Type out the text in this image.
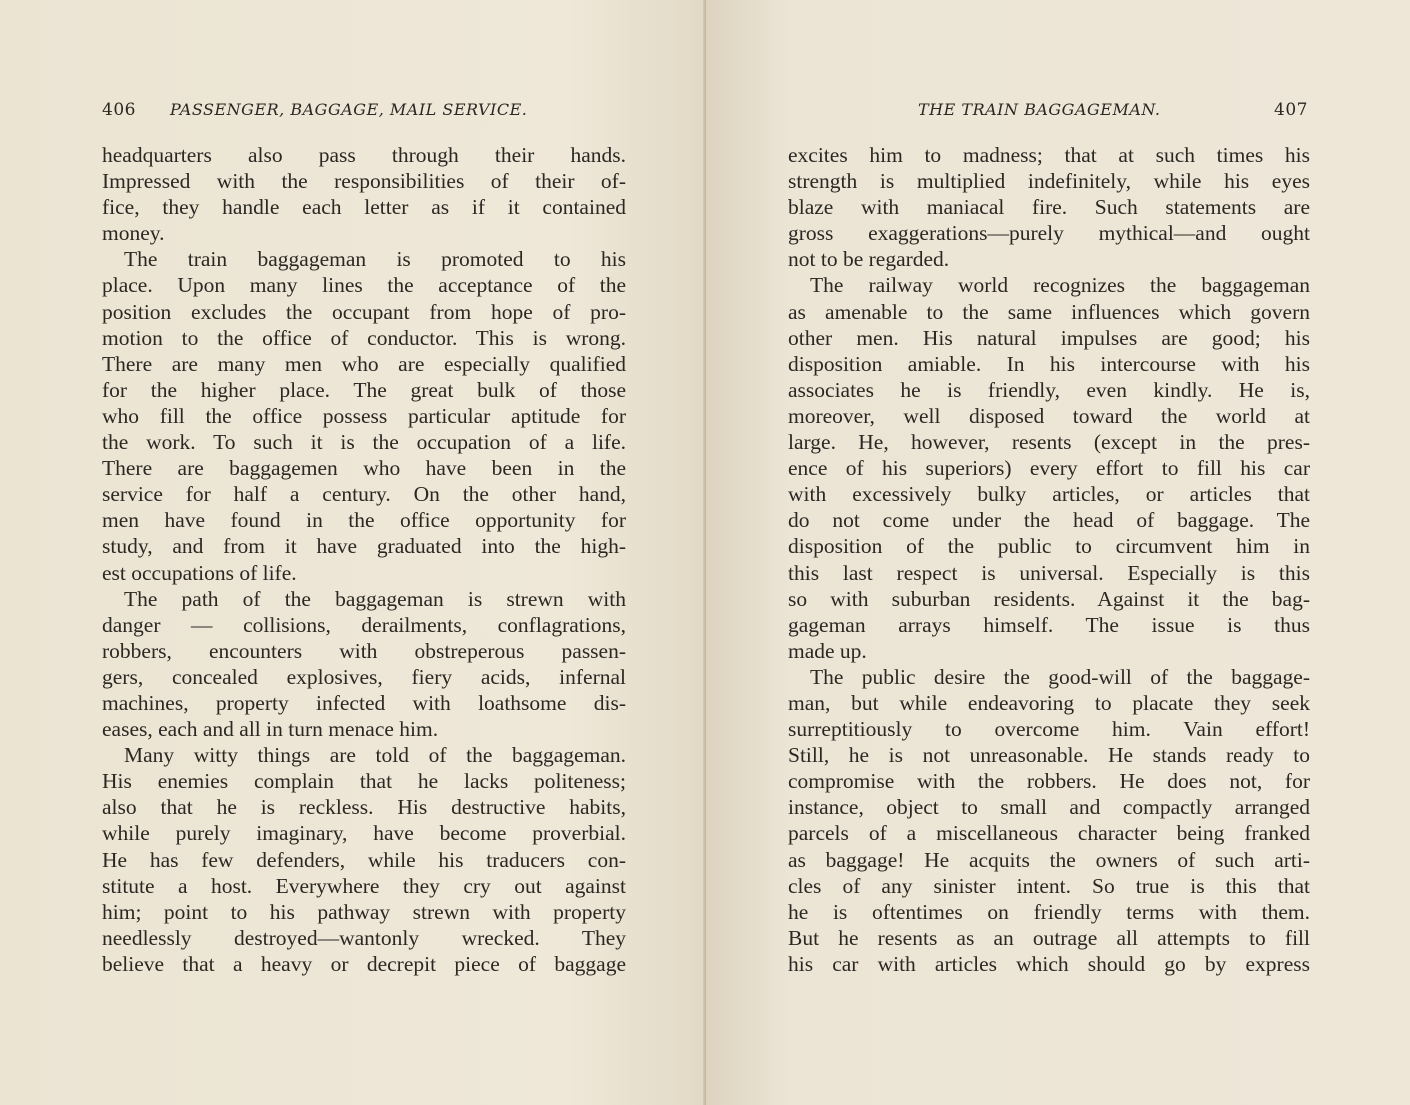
406 PASSENGER, BAGGAGE, MAIL SERVICE.
headquarters also pass through their hands.
Impressed with the responsibilities of their of-
fice, they handle each letter as if it contained
money.
The train baggageman is promoted to his
place. Upon many lines the acceptance of the
position excludes the occupant from hope of pro-
motion to the office of conductor. This is wrong.
There are many men who are especially qualified
for the higher place. The great bulk of those
who fill the office possess particular aptitude for
the work. To such it is the occupation of a life.
There are baggagemen who have been in the
service for half a century. On the other hand,
men have found in the office opportunity for
study, and from it have graduated into the high-
est occupations of life.
The path of the baggageman is strewn with
danger — collisions, derailments, conflagrations,
robbers, encounters with obstreperous passen-
gers, concealed explosives, fiery acids, infernal
machines, property infected with loathsome dis-
eases, each and all in turn menace him.
Many witty things are told of the baggageman.
His enemies complain that he lacks politeness;
also that he is reckless. His destructive habits,
while purely imaginary, have become proverbial.
He has few defenders, while his traducers con-
stitute a host. Everywhere they cry out against
him; point to his pathway strewn with property
needlessly destroyed—wantonly wrecked. They
believe that a heavy or decrepit piece of baggage
THE TRAIN BAGGAGEMAN.	407
excites him to madness; that at such times his
strength is multiplied indefinitely, while his eyes
blaze with maniacal fire. Such statements are
gross exaggerations—purely mythical—and ought
not to be regarded.
The railway world recognizes the baggageman
as amenable to the same influences which govern
other men. His natural impulses are good; his
disposition amiable. In his intercourse with his
associates he is friendly, even kindly. He is,
moreover, well disposed toward the world at
large. He, however, resents (except in the pres-
ence of his superiors) every effort to fill his car
with excessively bulky articles, or articles that
do not come under the head of baggage. The
disposition of the public to circumvent him in
this last respect is universal. Especially is this
so with suburban residents. Against it the bag-
gageman arrays himself. The issue is thus
made up.
The public desire the good-will of the baggage-
man, but while endeavoring to placate they seek
surreptitiously to overcome him. Vain effort!
Still, he is not unreasonable. He stands ready to
compromise with the robbers. He does not, for
instance, object to small and compactly arranged
parcels of a miscellaneous character being franked
as baggage! He acquits the owners of such arti-
cles of any sinister intent. So true is this that
he is oftentimes on friendly terms with them.
But he resents as an outrage all attempts to fill
his car with articles which should go by express
